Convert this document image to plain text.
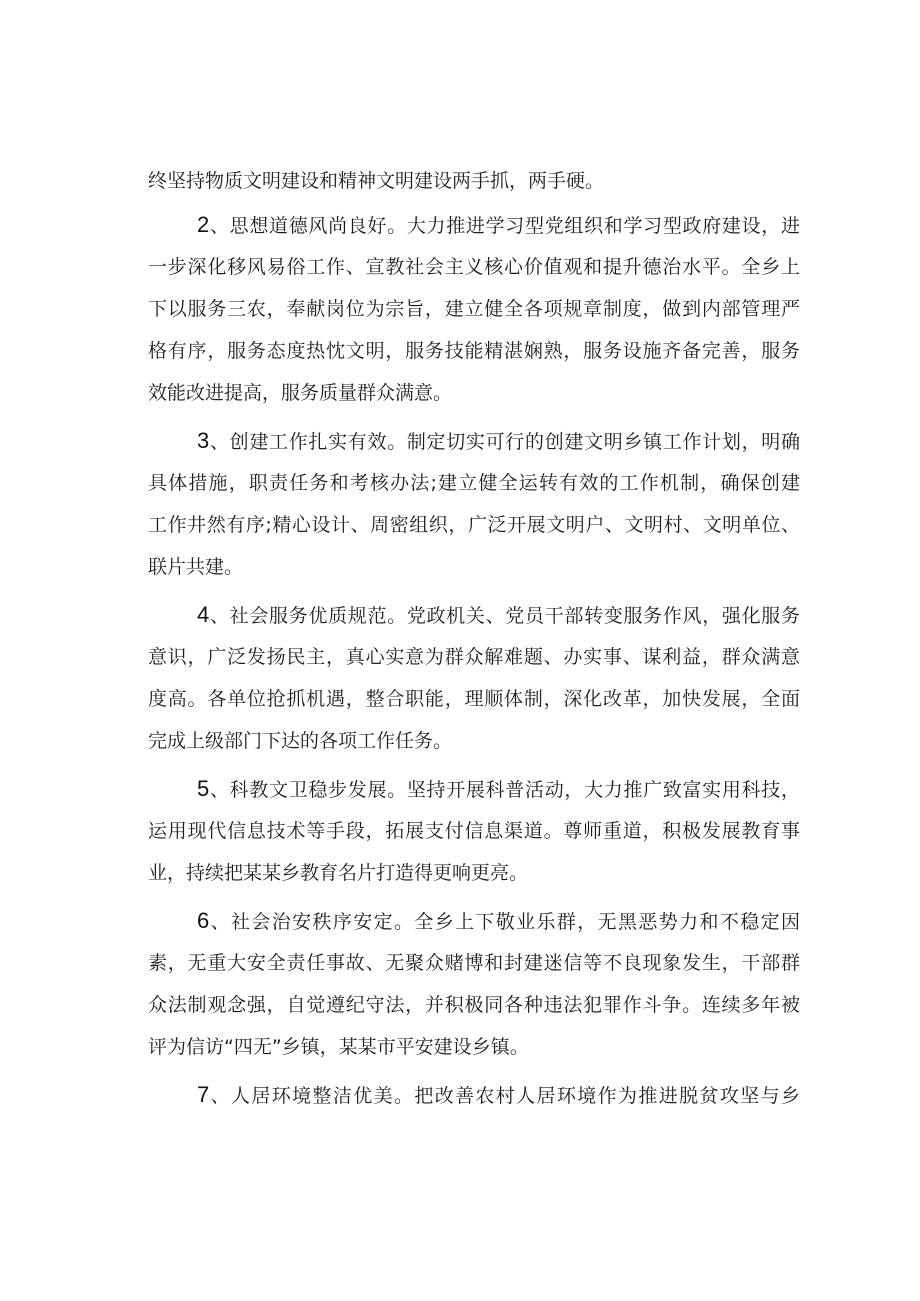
终坚持物质文明建设和精神文明建设两手抓，两手硬。
2、思想道德风尚良好。大力推进学习型党组织和学习型政府建设，进
一步深化移风易俗工作、宣教社会主义核心价值观和提升德治水平。全乡上
下以服务三农，奉献岗位为宗旨，建立健全各项规章制度，做到内部管理严
格有序，服务态度热忱文明，服务技能精湛娴熟，服务设施齐备完善，服务
效能改进提高，服务质量群众满意。
3、创建工作扎实有效。制定切实可行的创建文明乡镇工作计划，明确
具体措施，职责任务和考核办法;建立健全运转有效的工作机制，确保创建
工作井然有序;精心设计、周密组织，广泛开展文明户、文明村、文明单位、
联片共建。
4、社会服务优质规范。党政机关、党员干部转变服务作风，强化服务
意识，广泛发扬民主，真心实意为群众解难题、办实事、谋利益，群众满意
度高。各单位抢抓机遇，整合职能，理顺体制，深化改革，加快发展，全面
完成上级部门下达的各项工作任务。
5、科教文卫稳步发展。坚持开展科普活动，大力推广致富实用科技，
运用现代信息技术等手段，拓展支付信息渠道。尊师重道，积极发展教育事
业，持续把某某乡教育名片打造得更响更亮。
6、社会治安秩序安定。全乡上下敬业乐群，无黑恶势力和不稳定因
素，无重大安全责任事故、无聚众赌博和封建迷信等不良现象发生，干部群
众法制观念强，自觉遵纪守法，并积极同各种违法犯罪作斗争。连续多年被
评为信访“四无”乡镇，某某市平安建设乡镇。
7、人居环境整洁优美。把改善农村人居环境作为推进脱贫攻坚与乡
